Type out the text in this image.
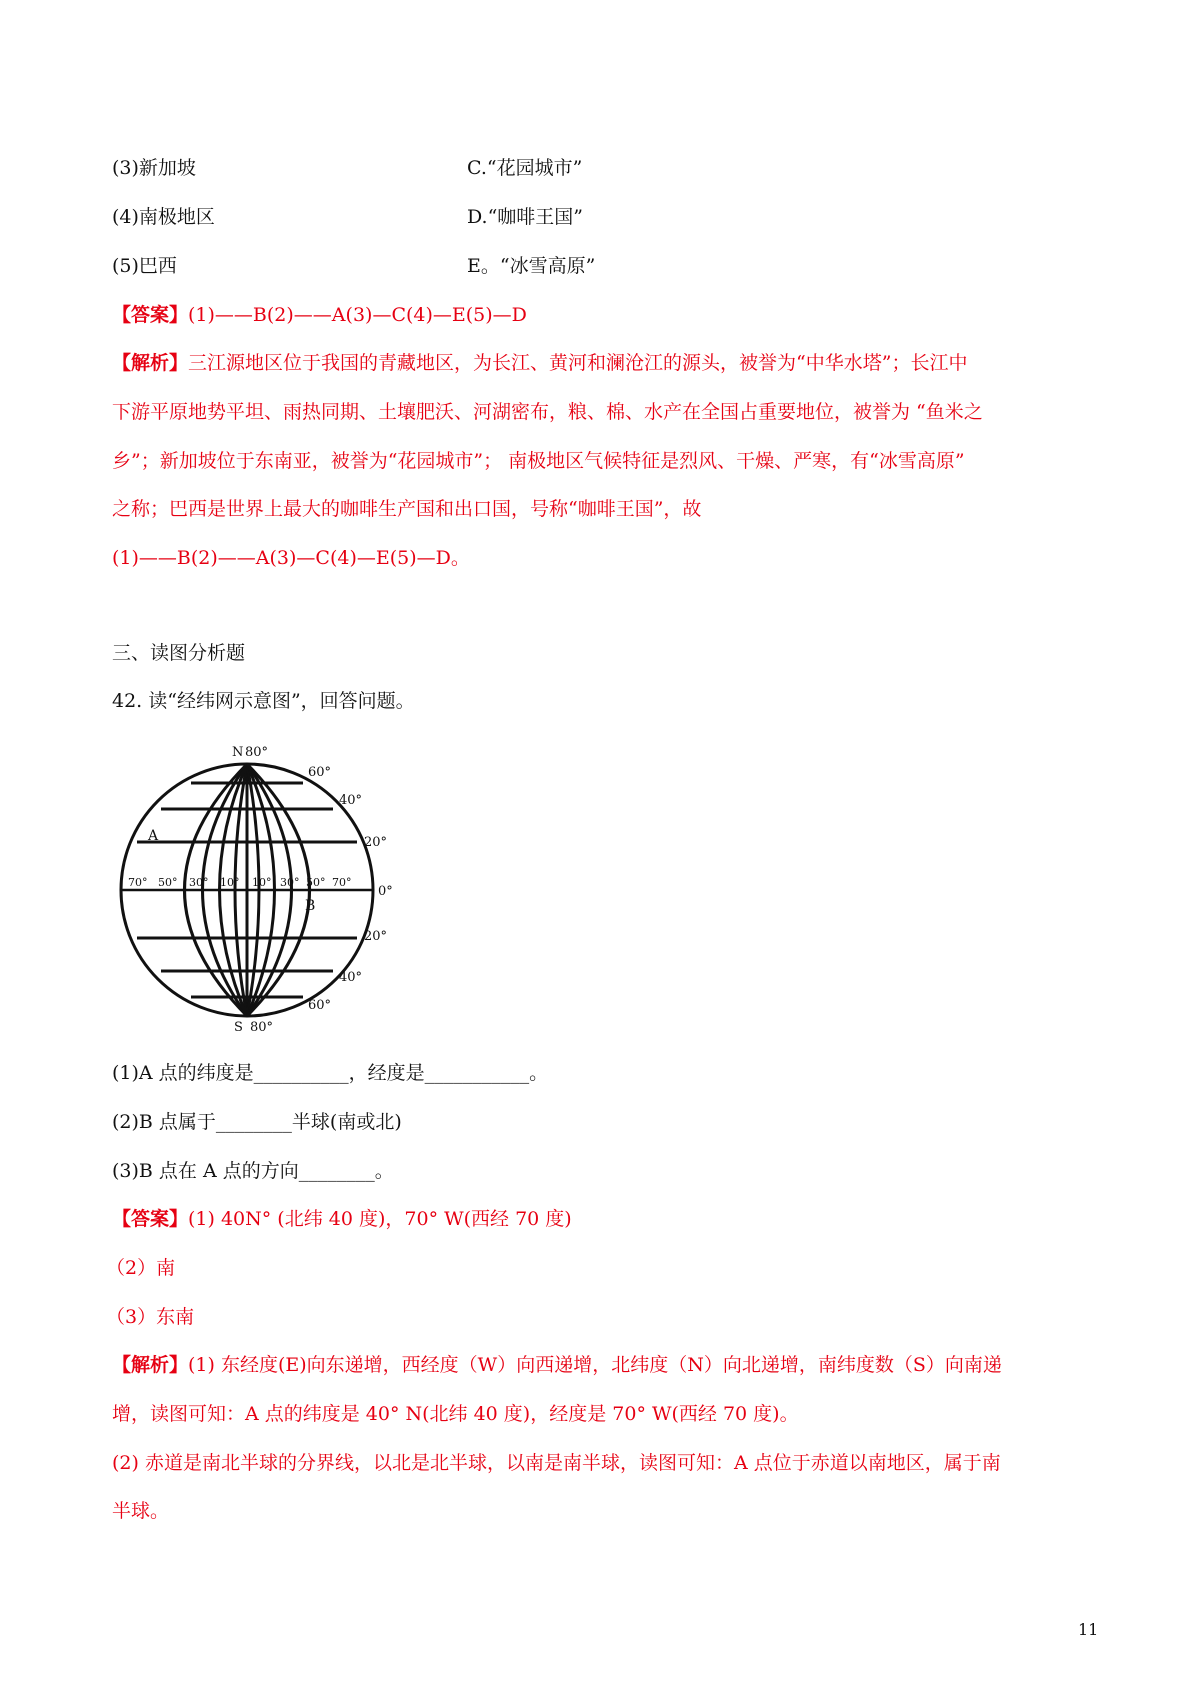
(3)新加坡	C.“花园城市”
(4)南极地区	D.“咖啡王国”
(5)巴西	E。“冰雪高原”
【答案】(1)——B(2)——A(3)—C(4)—E(5)—D
【解析】三江源地区位于我国的青藏地区，为长江、黄河和澜沧江的源头，被誉为“中华水塔”；长江中
下游平原地势平坦、雨热同期、土壤肥沃、河湖密布，粮、棉、水产在全国占重要地位，被誉为 “鱼米之
乡”；新加坡位于东南亚，被誉为“花园城市”； 南极地区气候特征是烈风、干燥、严寒，有“冰雪高原”
之称；巴西是世界上最大的咖啡生产国和出口国，号称“咖啡王国”，故
(1)——B(2)——A(3)—C(4)—E(5)—D。
三、读图分析题
42. 读“经纬网示意图”，回答问题。
N 80°
60°
40°
20°
0°
20°
40°
60°
S 80°
70° 50° 30° 10° 10° 30° 50° 70°
A
B
(1)A 点的纬度是__________，经度是___________。
(2)B 点属于________半球(南或北)
(3)B 点在 A 点的方向________。
【答案】(1) 40N° (北纬 40 度)，70° W(西经 70 度)
（2）南
（3）东南
【解析】(1) 东经度(E)向东递增，西经度（W）向西递增，北纬度（N）向北递增，南纬度数（S）向南递
增，读图可知：A 点的纬度是 40° N(北纬 40 度)，经度是 70° W(西经 70 度)。
(2) 赤道是南北半球的分界线，以北是北半球，以南是南半球，读图可知：A 点位于赤道以南地区，属于南
半球。
11
